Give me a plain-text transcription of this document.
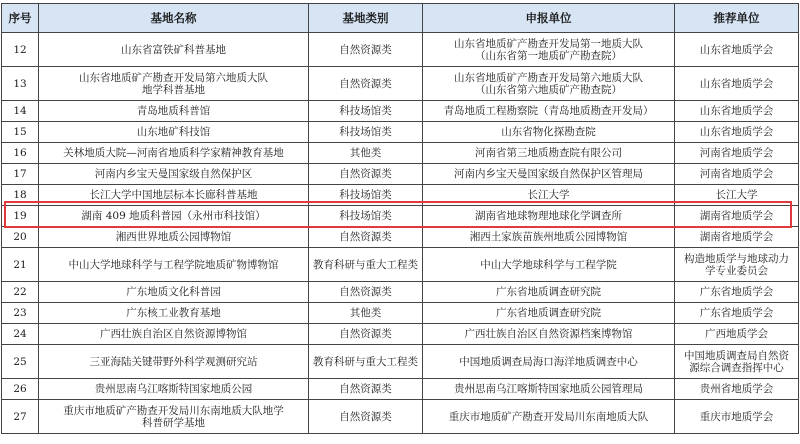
序号	基地名称	基地类别	申报单位	推荐单位
12	山东省富铁矿科普基地	自然资源类	山东省地质矿产勘查开发局第一地质大队
（山东省第一地质矿产勘查院）	山东省地质学会
13	山东省地质矿产勘查开发局第六地质大队
地学科普基地	自然资源类	山东省地质矿产勘查开发局第六地质大队
（山东省第六地质矿产勘查院）	山东省地质学会
14	青岛地质科普馆	科技场馆类	青岛地质工程勘察院（青岛地质勘查开发局）	山东省地质学会
15	山东地矿科技馆	科技场馆类	山东省物化探勘查院	山东省地质学会
16	关林地质大院—河南省地质科学家精神教育基地	其他类	河南省第三地质勘查院有限公司	河南省地质学会
17	河南内乡宝天曼国家级自然保护区	自然资源类	河南内乡宝天曼国家级自然保护区管理局	河南省地质学会
18	长江大学中国地层标本长廊科普基地	科技场馆类	长江大学	长江大学
19	湖南 409 地质科普园（永州市科技馆）	科技场馆类	湖南省地球物理地球化学调查所	湖南省地质学会
20	湘西世界地质公园博物馆	自然资源类	湘西土家族苗族州地质公园博物馆	湖南省地质学会
21	中山大学地球科学与工程学院地质矿物博物馆	教育科研与重大工程类	中山大学地球科学与工程学院	构造地质学与地球动力
学专业委员会
22	广东地质文化科普园	自然资源类	广东省地质调查研究院	广东省地质学会
23	广东核工业教育基地	其他类	广东省地质调查研究院	广东省地质学会
24	广西壮族自治区自然资源博物馆	自然资源类	广西壮族自治区自然资源档案博物馆	广西地质学会
25	三亚海陆关键带野外科学观测研究站	教育科研与重大工程类	中国地质调查局海口海洋地质调查中心	中国地质调查局自然资
源综合调查指挥中心
26	贵州思南乌江喀斯特国家地质公园	自然资源类	贵州思南乌江喀斯特国家地质公园管理局	贵州省地质学会
27	重庆市地质矿产勘查开发局川东南地质大队地学
科普研学基地	自然资源类	重庆市地质矿产勘查开发局川东南地质大队	重庆市地质学会
